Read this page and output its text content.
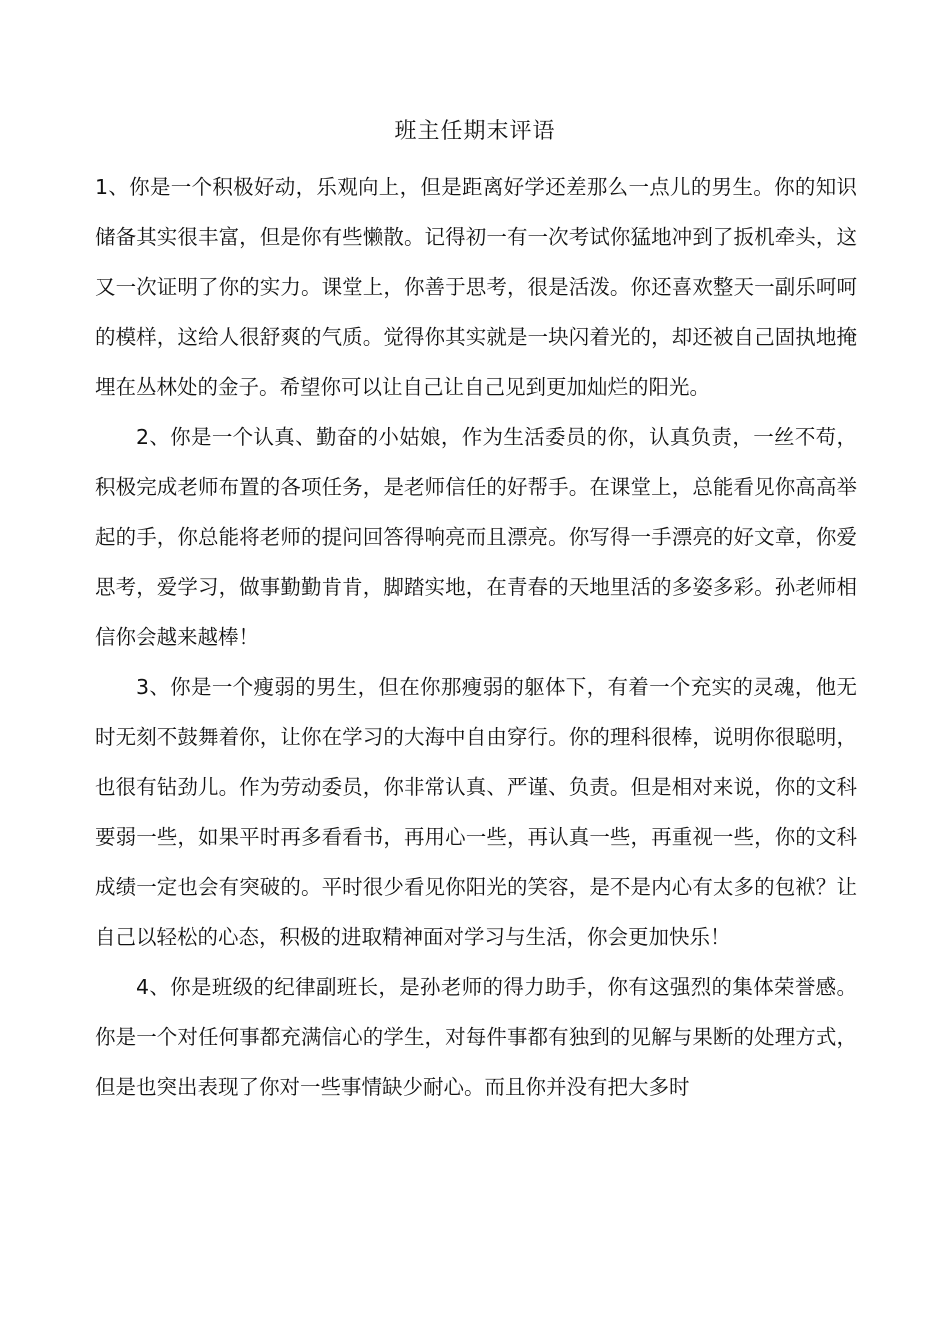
班主任期末评语

1、你是一个积极好动，乐观向上，但是距离好学还差那么一点儿的男生。你的知识储备其实很丰富，但是你有些懒散。记得初一有一次考试你猛地冲到了扳机牵头，这又一次证明了你的实力。课堂上，你善于思考，很是活泼。你还喜欢整天一副乐呵呵的模样，这给人很舒爽的气质。觉得你其实就是一块闪着光的，却还被自己固执地掩埋在丛林处的金子。希望你可以让自己让自己见到更加灿烂的阳光。

2、你是一个认真、勤奋的小姑娘，作为生活委员的你，认真负责，一丝不苟，积极完成老师布置的各项任务，是老师信任的好帮手。在课堂上，总能看见你高高举起的手，你总能将老师的提问回答得响亮而且漂亮。你写得一手漂亮的好文章，你爱思考，爱学习，做事勤勤肯肯，脚踏实地，在青春的天地里活的多姿多彩。孙老师相信你会越来越棒！

3、你是一个瘦弱的男生，但在你那瘦弱的躯体下，有着一个充实的灵魂，他无时无刻不鼓舞着你，让你在学习的大海中自由穿行。你的理科很棒，说明你很聪明，也很有钻劲儿。作为劳动委员，你非常认真、严谨、负责。但是相对来说，你的文科要弱一些，如果平时再多看看书，再用心一些，再认真一些，再重视一些，你的文科成绩一定也会有突破的。平时很少看见你阳光的笑容，是不是内心有太多的包袱？让自己以轻松的心态，积极的进取精神面对学习与生活，你会更加快乐！

4、你是班级的纪律副班长，是孙老师的得力助手，你有这强烈的集体荣誉感。你是一个对任何事都充满信心的学生，对每件事都有独到的见解与果断的处理方式，但是也突出表现了你对一些事情缺少耐心。而且你并没有把大多时
